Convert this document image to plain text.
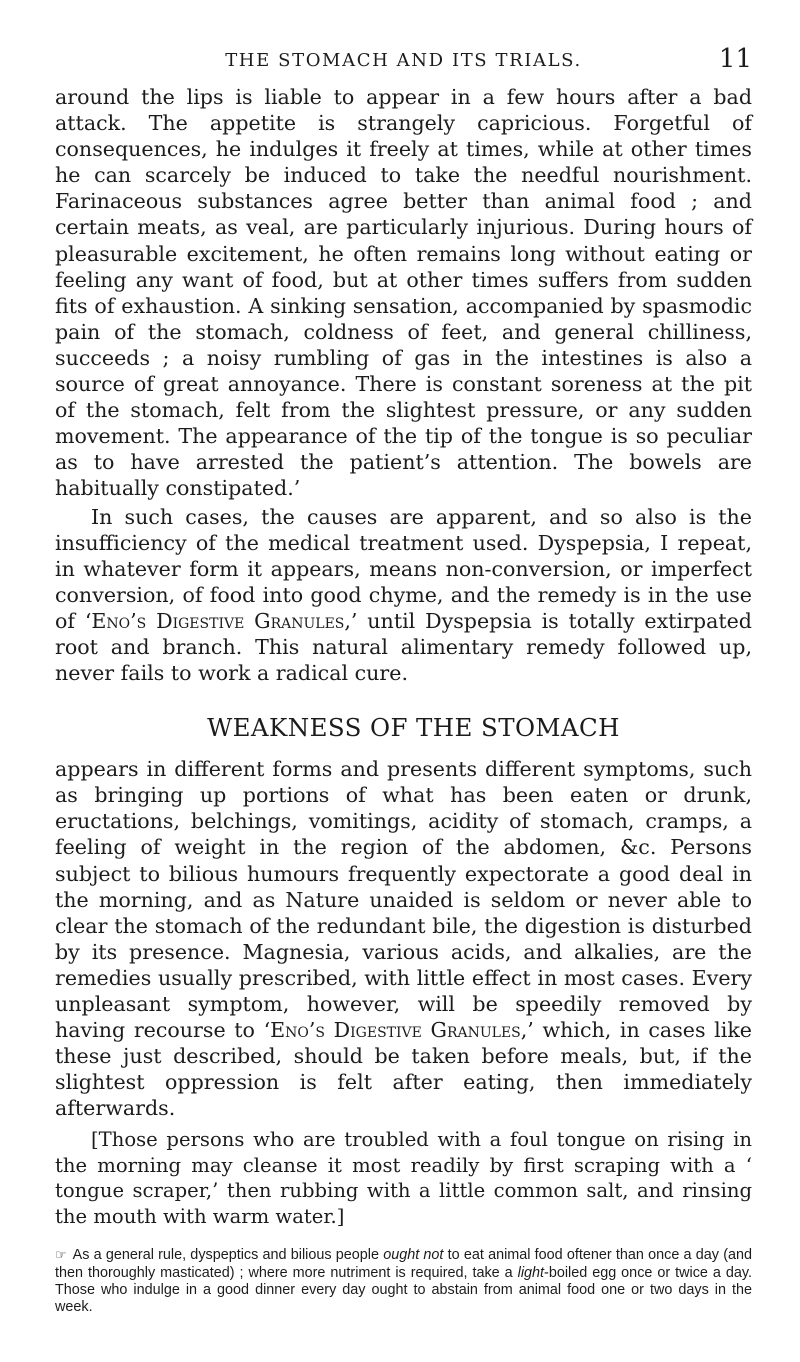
THE STOMACH AND ITS TRIALS.	11

around the lips is liable to appear in a few hours after a bad attack. The appetite is strangely capricious. Forgetful of consequences, he indulges it freely at times, while at other times he can scarcely be induced to take the needful nourishment. Farinaceous substances agree better than animal food ; and certain meats, as veal, are particularly injurious. During hours of pleasurable excitement, he often remains long without eating or feeling any want of food, but at other times suffers from sudden fits of exhaustion. A sinking sensation, accompanied by spasmodic pain of the stomach, coldness of feet, and general chilliness, succeeds ; a noisy rumbling of gas in the intestines is also a source of great annoyance. There is constant soreness at the pit of the stomach, felt from the slightest pressure, or any sudden movement. The appearance of the tip of the tongue is so peculiar as to have arrested the patient’s attention. The bowels are habitually constipated.’

In such cases, the causes are apparent, and so also is the insufficiency of the medical treatment used. Dyspepsia, I repeat, in whatever form it appears, means non-conversion, or imperfect conversion, of food into good chyme, and the remedy is in the use of ‘Eno’s Digestive Granules,’ until Dyspepsia is totally extirpated root and branch. This natural alimentary remedy followed up, never fails to work a radical cure.

WEAKNESS OF THE STOMACH

appears in different forms and presents different symptoms, such as bringing up portions of what has been eaten or drunk, eructations, belchings, vomitings, acidity of stomach, cramps, a feeling of weight in the region of the abdomen, &c. Persons subject to bilious humours frequently expectorate a good deal in the morning, and as Nature unaided is seldom or never able to clear the stomach of the redundant bile, the digestion is disturbed by its presence. Magnesia, various acids, and alkalies, are the remedies usually prescribed, with little effect in most cases. Every unpleasant symptom, however, will be speedily removed by having recourse to ‘Eno’s Digestive Granules,’ which, in cases like these just described, should be taken before meals, but, if the slightest oppression is felt after eating, then immediately afterwards.

[Those persons who are troubled with a foul tongue on rising in the morning may cleanse it most readily by first scraping with a ‘ tongue scraper,’ then rubbing with a little common salt, and rinsing the mouth with warm water.]

☞ As a general rule, dyspeptics and bilious people ought not to eat animal food oftener than once a day (and then thoroughly masticated) ; where more nutriment is required, take a light-boiled egg once or twice a day. Those who indulge in a good dinner every day ought to abstain from animal food one or two days in the week.
